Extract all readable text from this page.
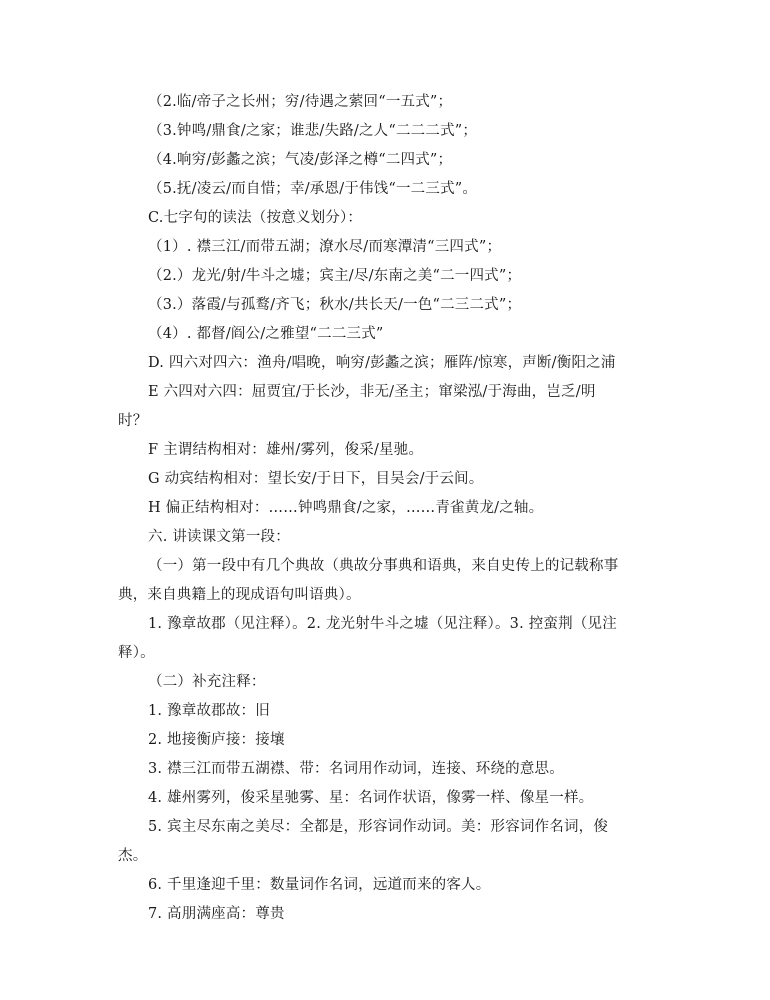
（2.临/帝子之长州；穷/待遇之萦回“一五式”；
（3.钟鸣/鼎食/之家；谁悲/失路/之人“二二二式”；
（4.响穷/彭蠡之滨；气凌/彭泽之樽“二四式”；
（5.抚/凌云/而自惜；幸/承恩/于伟饯“一二三式”。
C.七字句的读法（按意义划分）：
（1）. 襟三江/而带五湖；潦水尽/而寒潭清“三四式”；
（2.）龙光/射/牛斗之墟；宾主/尽/东南之美“二一四式”；
（3.）落霞/与孤鹜/齐飞；秋水/共长天/一色“二三二式”；
（4）. 都督/阎公/之雅望“二二三式”
D. 四六对四六：渔舟/唱晚，响穷/彭蠡之滨；雁阵/惊寒，声断/衡阳之浦
E 六四对六四：屈贾宜/于长沙，非无/圣主；窜梁泓/于海曲，岂乏/明
时？
F 主谓结构相对：雄州/雾列，俊采/星驰。
G 动宾结构相对：望长安/于日下，目吴会/于云间。
H 偏正结构相对：……钟鸣鼎食/之家，……青雀黄龙/之轴。
六. 讲读课文第一段：
（一）第一段中有几个典故（典故分事典和语典，来自史传上的记载称事
典，来自典籍上的现成语句叫语典）。
1. 豫章故郡（见注释）。2. 龙光射牛斗之墟（见注释）。3. 控蛮荆（见注
释）。
（二）补充注释：
1. 豫章故郡故：旧
2. 地接衡庐接：接壤
3. 襟三江而带五湖襟、带：名词用作动词，连接、环绕的意思。
4. 雄州雾列，俊采星驰雾、星：名词作状语，像雾一样、像星一样。
5. 宾主尽东南之美尽：全都是，形容词作动词。美：形容词作名词，俊
杰。
6. 千里逢迎千里：数量词作名词，远道而来的客人。
7. 高朋满座高：尊贵
